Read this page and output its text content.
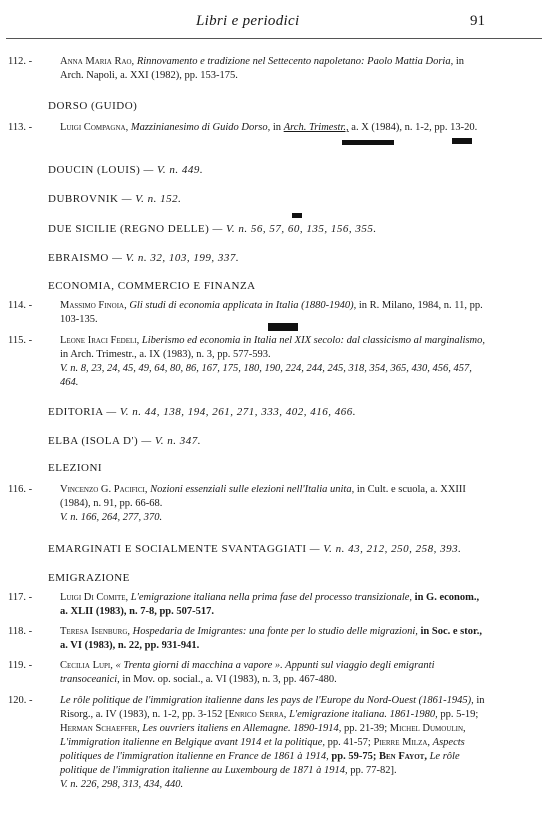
Libri e periodici	91
112. -	Anna Maria Rao, Rinnovamento e tradizione nel Settecento napoletano: Paolo Mattia Doria, in Arch. Napoli, a. XXI (1982), pp. 153-175.
DORSO (GUIDO)
113. -	Luigi Compagna, Mazzinianesimo di Guido Dorso, in Arch. Trimestr., a. X (1984), n. 1-2, pp. 13-20.
DOUCIN (LOUIS) — V. n. 449.
DUBROVNIK — V. n. 152.
DUE SICILIE (REGNO DELLE) — V. n. 56, 57, 60, 135, 156, 355.
EBRAISMO — V. n. 32, 103, 199, 337.
ECONOMIA, COMMERCIO E FINANZA
114. -	Massimo Finoia, Gli studi di economia applicata in Italia (1880-1940), in R. Milano, 1984, n. 11, pp. 103-135.
115. -	Leone Iraci Fedeli, Liberismo ed economia in Italia nel XIX secolo: dal classicismo al marginalismo, in Arch. Trimestr., a. IX (1983), n. 3, pp. 577-593.
V. n. 8, 23, 24, 45, 49, 64, 80, 86, 167, 175, 180, 190, 224, 244, 245, 318, 354, 365, 430, 456, 457, 464.
EDITORIA — V. n. 44, 138, 194, 261, 271, 333, 402, 416, 466.
ELBA (ISOLA D') — V. n. 347.
ELEZIONI
116. -	Vincenzo G. Pacifici, Nozioni essenziali sulle elezioni nell'Italia unita, in Cult. e scuola, a. XXIII (1984), n. 91, pp. 66-68.
V. n. 166, 264, 277, 370.
EMARGINATI E SOCIALMENTE SVANTAGGIATI — V. n. 43, 212, 250, 258, 393.
EMIGRAZIONE
117. -	Luigi Di Comite, L'emigrazione italiana nella prima fase del processo transizionale, in G. econom., a. XLII (1983), n. 7-8, pp. 507-517.
118. -	Teresa Isenburg, Hospedaria de Imigrantes: una fonte per lo studio delle migrazioni, in Soc. e stor., a. VI (1983), n. 22, pp. 931-941.
119. -	Cecilia Lupi, « Trenta giorni di macchina a vapore ». Appunti sul viaggio degli emigranti transoceanici, in Mov. op. social., a. VI (1983), n. 3, pp. 467-480.
120. -	Le rôle politique de l'immigration italienne dans les pays de l'Europe du Nord-Ouest (1861-1945), in Risorg., a. IV (1983), n. 1-2, pp. 3-152 [Enrico Serra, L'emigrazione italiana. 1861-1980, pp. 5-19; Herman Schaeffer, Les ouvriers italiens en Allemagne. 1890-1914, pp. 21-39; Michel Dumoulin, L'immigration italienne en Belgique avant 1914 et la politique, pp. 41-57; Pierre Milza, Aspects politiques de l'immigration italienne en France de 1861 à 1914, pp. 59-75; Ben Fayot, Le rôle politique de l'immigration italienne au Luxembourg de 1871 à 1914, pp. 77-82].
V. n. 226, 298, 313, 434, 440.
